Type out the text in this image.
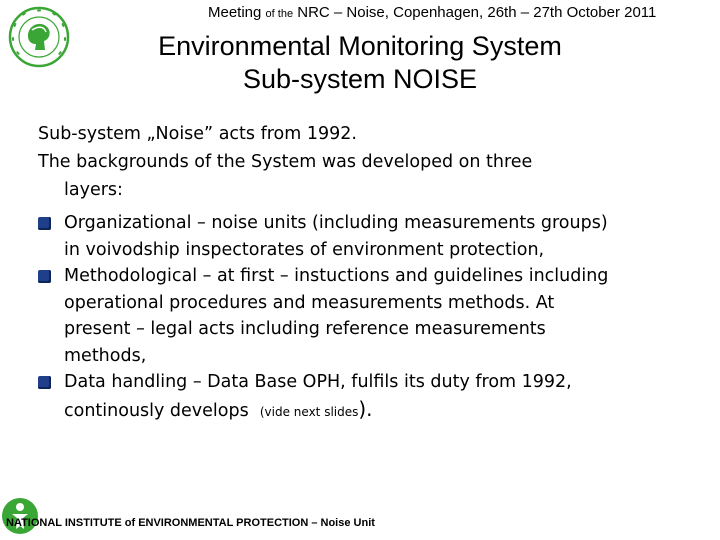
Meeting of the NRC – Noise, Copenhagen, 26th – 27th October 2011
Environmental Monitoring System
Sub-system NOISE
Sub-system „Noise” acts from 1992.
The backgrounds of the System was developed on three
layers:
Organizational – noise units (including measurements groups)
in voivodship inspectorates of environment protection,
Methodological – at first – instuctions and guidelines including
operational procedures and measurements methods. At
present – legal acts including reference measurements
methods,
Data handling – Data Base OPH, fulfils its duty from 1992,
continously develops  (vide next slides).
NATIONAL INSTITUTE of ENVIRONMENTAL PROTECTION – Noise Unit
